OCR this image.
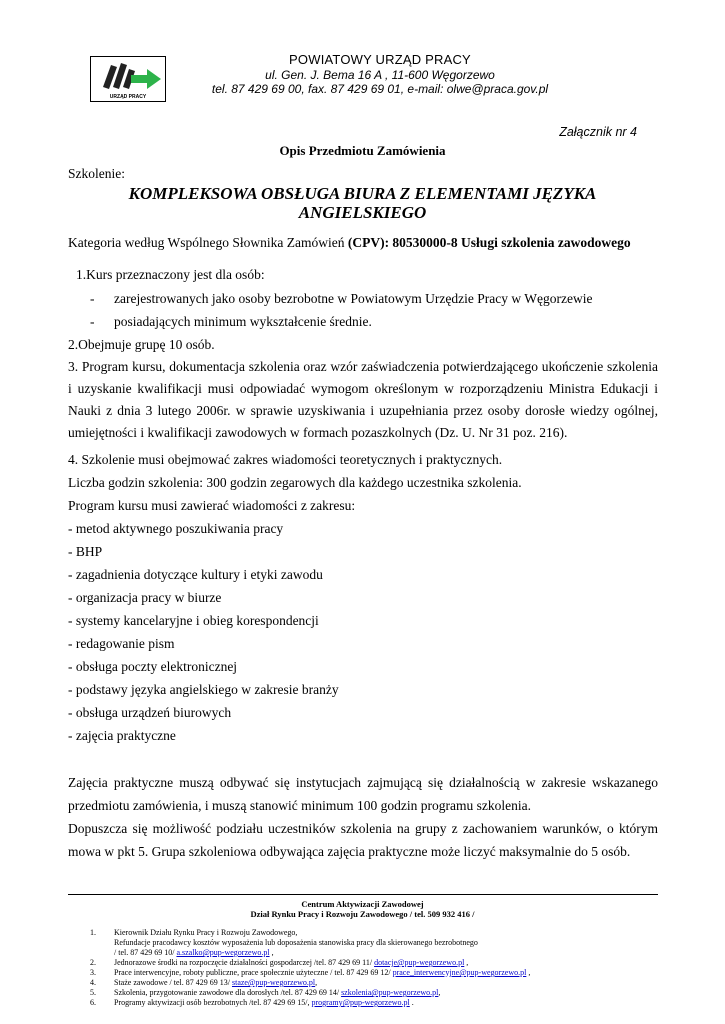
URZĄD PRACY
POWIATOWY URZĄD PRACY
ul. Gen. J. Bema 16 A , 11-600 Węgorzewo
tel. 87 429 69 00, fax. 87 429 69 01, e-mail: olwe@praca.gov.pl
Załącznik nr 4
Opis Przedmiotu Zamówienia
Szkolenie:
KOMPLEKSOWA OBSŁUGA BIURA Z ELEMENTAMI JĘZYKA
ANGIELSKIEGO
Kategoria według Wspólnego Słownika Zamówień (CPV): 80530000-8 Usługi szkolenia zawodowego
1.Kurs przeznaczony jest dla osób:
- zarejestrowanych jako osoby bezrobotne w Powiatowym Urzędzie Pracy w Węgorzewie
- posiadających minimum wykształcenie średnie.
2.Obejmuje grupę 10 osób.
3. Program kursu, dokumentacja szkolenia oraz wzór zaświadczenia potwierdzającego ukończenie szkolenia
i uzyskanie kwalifikacji musi odpowiadać wymogom określonym w rozporządzeniu Ministra Edukacji i
Nauki z dnia 3 lutego 2006r. w sprawie uzyskiwania i uzupełniania przez osoby dorosłe wiedzy ogólnej,
umiejętności i kwalifikacji zawodowych w formach pozaszkolnych (Dz. U. Nr 31 poz. 216).
4. Szkolenie musi obejmować zakres wiadomości teoretycznych i praktycznych.
Liczba godzin szkolenia: 300 godzin zegarowych dla każdego uczestnika szkolenia.
Program kursu musi zawierać wiadomości z zakresu:
- metod aktywnego poszukiwania pracy
- BHP
- zagadnienia dotyczące kultury i etyki zawodu
- organizacja pracy w biurze
- systemy kancelaryjne i obieg korespondencji
- redagowanie pism
- obsługa poczty elektronicznej
- podstawy języka angielskiego w zakresie branży
- obsługa urządzeń biurowych
- zajęcia praktyczne
Zajęcia praktyczne muszą odbywać się instytucjach zajmującą się działalnością w zakresie wskazanego
przedmiotu zamówienia, i muszą stanowić minimum 100 godzin programu szkolenia.
Dopuszcza się możliwość podziału uczestników szkolenia na grupy z zachowaniem warunków, o którym
mowa w pkt 5. Grupa szkoleniowa odbywająca zajęcia praktyczne może liczyć maksymalnie do 5 osób.
Centrum Aktywizacji Zawodowej
Dział Rynku Pracy i Rozwoju Zawodowego / tel. 509 932 416 /
1. Kierownik Działu Rynku Pracy i Rozwoju Zawodowego,
Refundacje pracodawcy kosztów wyposażenia lub doposażenia stanowiska pracy dla skierowanego bezrobotnego
/ tel. 87 429 69 10/ a.szalko@pup-wegorzewo.pl ,
2. Jednorazowe środki na rozpoczęcie działalności gospodarczej /tel. 87 429 69 11/ dotacje@pup-wegorzewo.pl ,
3. Prace interwencyjne, roboty publiczne, prace społecznie użyteczne / tel. 87 429 69 12/ prace_interwencyjne@pup-wegorzewo.pl ,
4. Staże zawodowe / tel. 87 429 69 13/ staze@pup-wegorzewo.pl,
5. Szkolenia, przygotowanie zawodowe dla dorosłych /tel. 87 429 69 14/ szkolenia@pup-wegorzewo.pl,
6. Programy aktywizacji osób bezrobotnych /tel. 87 429 69 15/, programy@pup-wegorzewo.pl .
